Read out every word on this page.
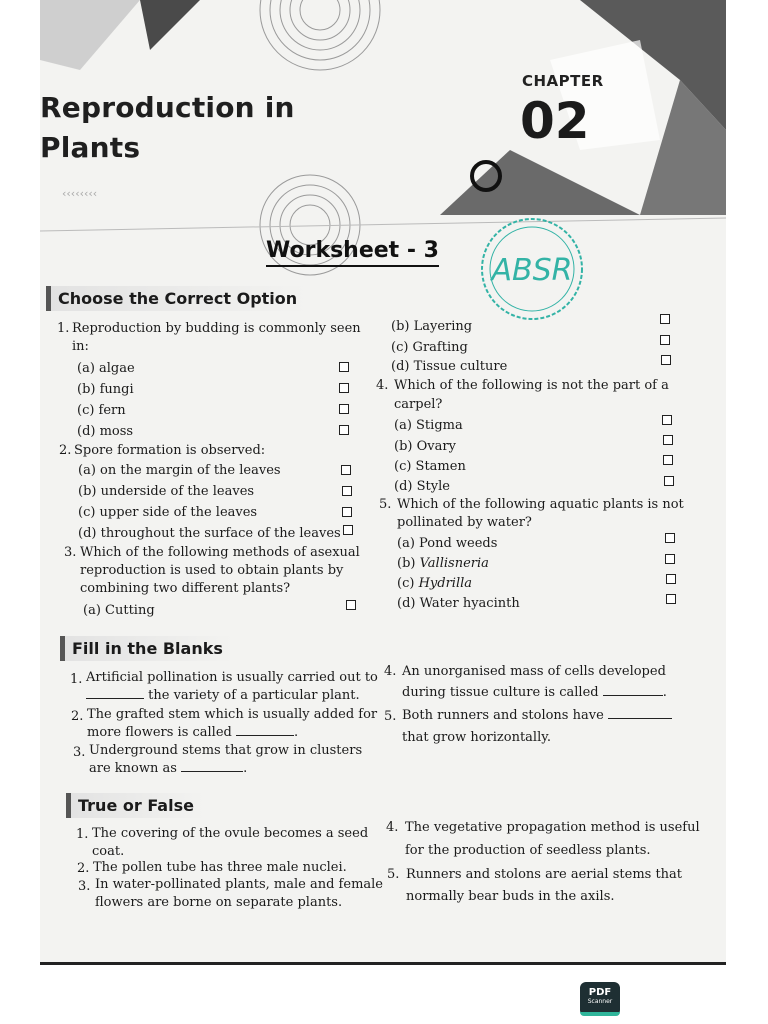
‹‹‹‹‹‹‹‹
Reproduction in
Plants
CHAPTER
02
Worksheet - 3
ABSR
Choose the Correct Option
1. Reproduction by budding is commonly seen
in:
(a) algae
(b) fungi
(c) fern
(d) moss
2. Spore formation is observed:
(a) on the margin of the leaves
(b) underside of the leaves
(c) upper side of the leaves
(d) throughout the surface of the leaves
3. Which of the following methods of asexual
reproduction is used to obtain plants by
combining two different plants?
(a) Cutting
(b) Layering
(c) Grafting
(d) Tissue culture
4. Which of the following is not the part of a
carpel?
(a) Stigma
(b) Ovary
(c) Stamen
(d) Style
5. Which of the following aquatic plants is not
pollinated by water?
(a) Pond weeds
(b) Vallisneria
(c) Hydrilla
(d) Water hyacinth
Fill in the Blanks
1. Artificial pollination is usually carried out to
the variety of a particular plant.
2. The grafted stem which is usually added for
more flowers is called	.
3. Underground stems that grow in clusters
are known as	.
4. An unorganised mass of cells developed
during tissue culture is called	.
5. Both runners and stolons have
that grow horizontally.
True or False
1. The covering of the ovule becomes a seed
coat.
2. The pollen tube has three male nuclei.
3. In water-pollinated plants, male and female
flowers are borne on separate plants.
4. The vegetative propagation method is useful
for the production of seedless plants.
5. Runners and stolons are aerial stems that
normally bear buds in the axils.
PDF
Scanner
